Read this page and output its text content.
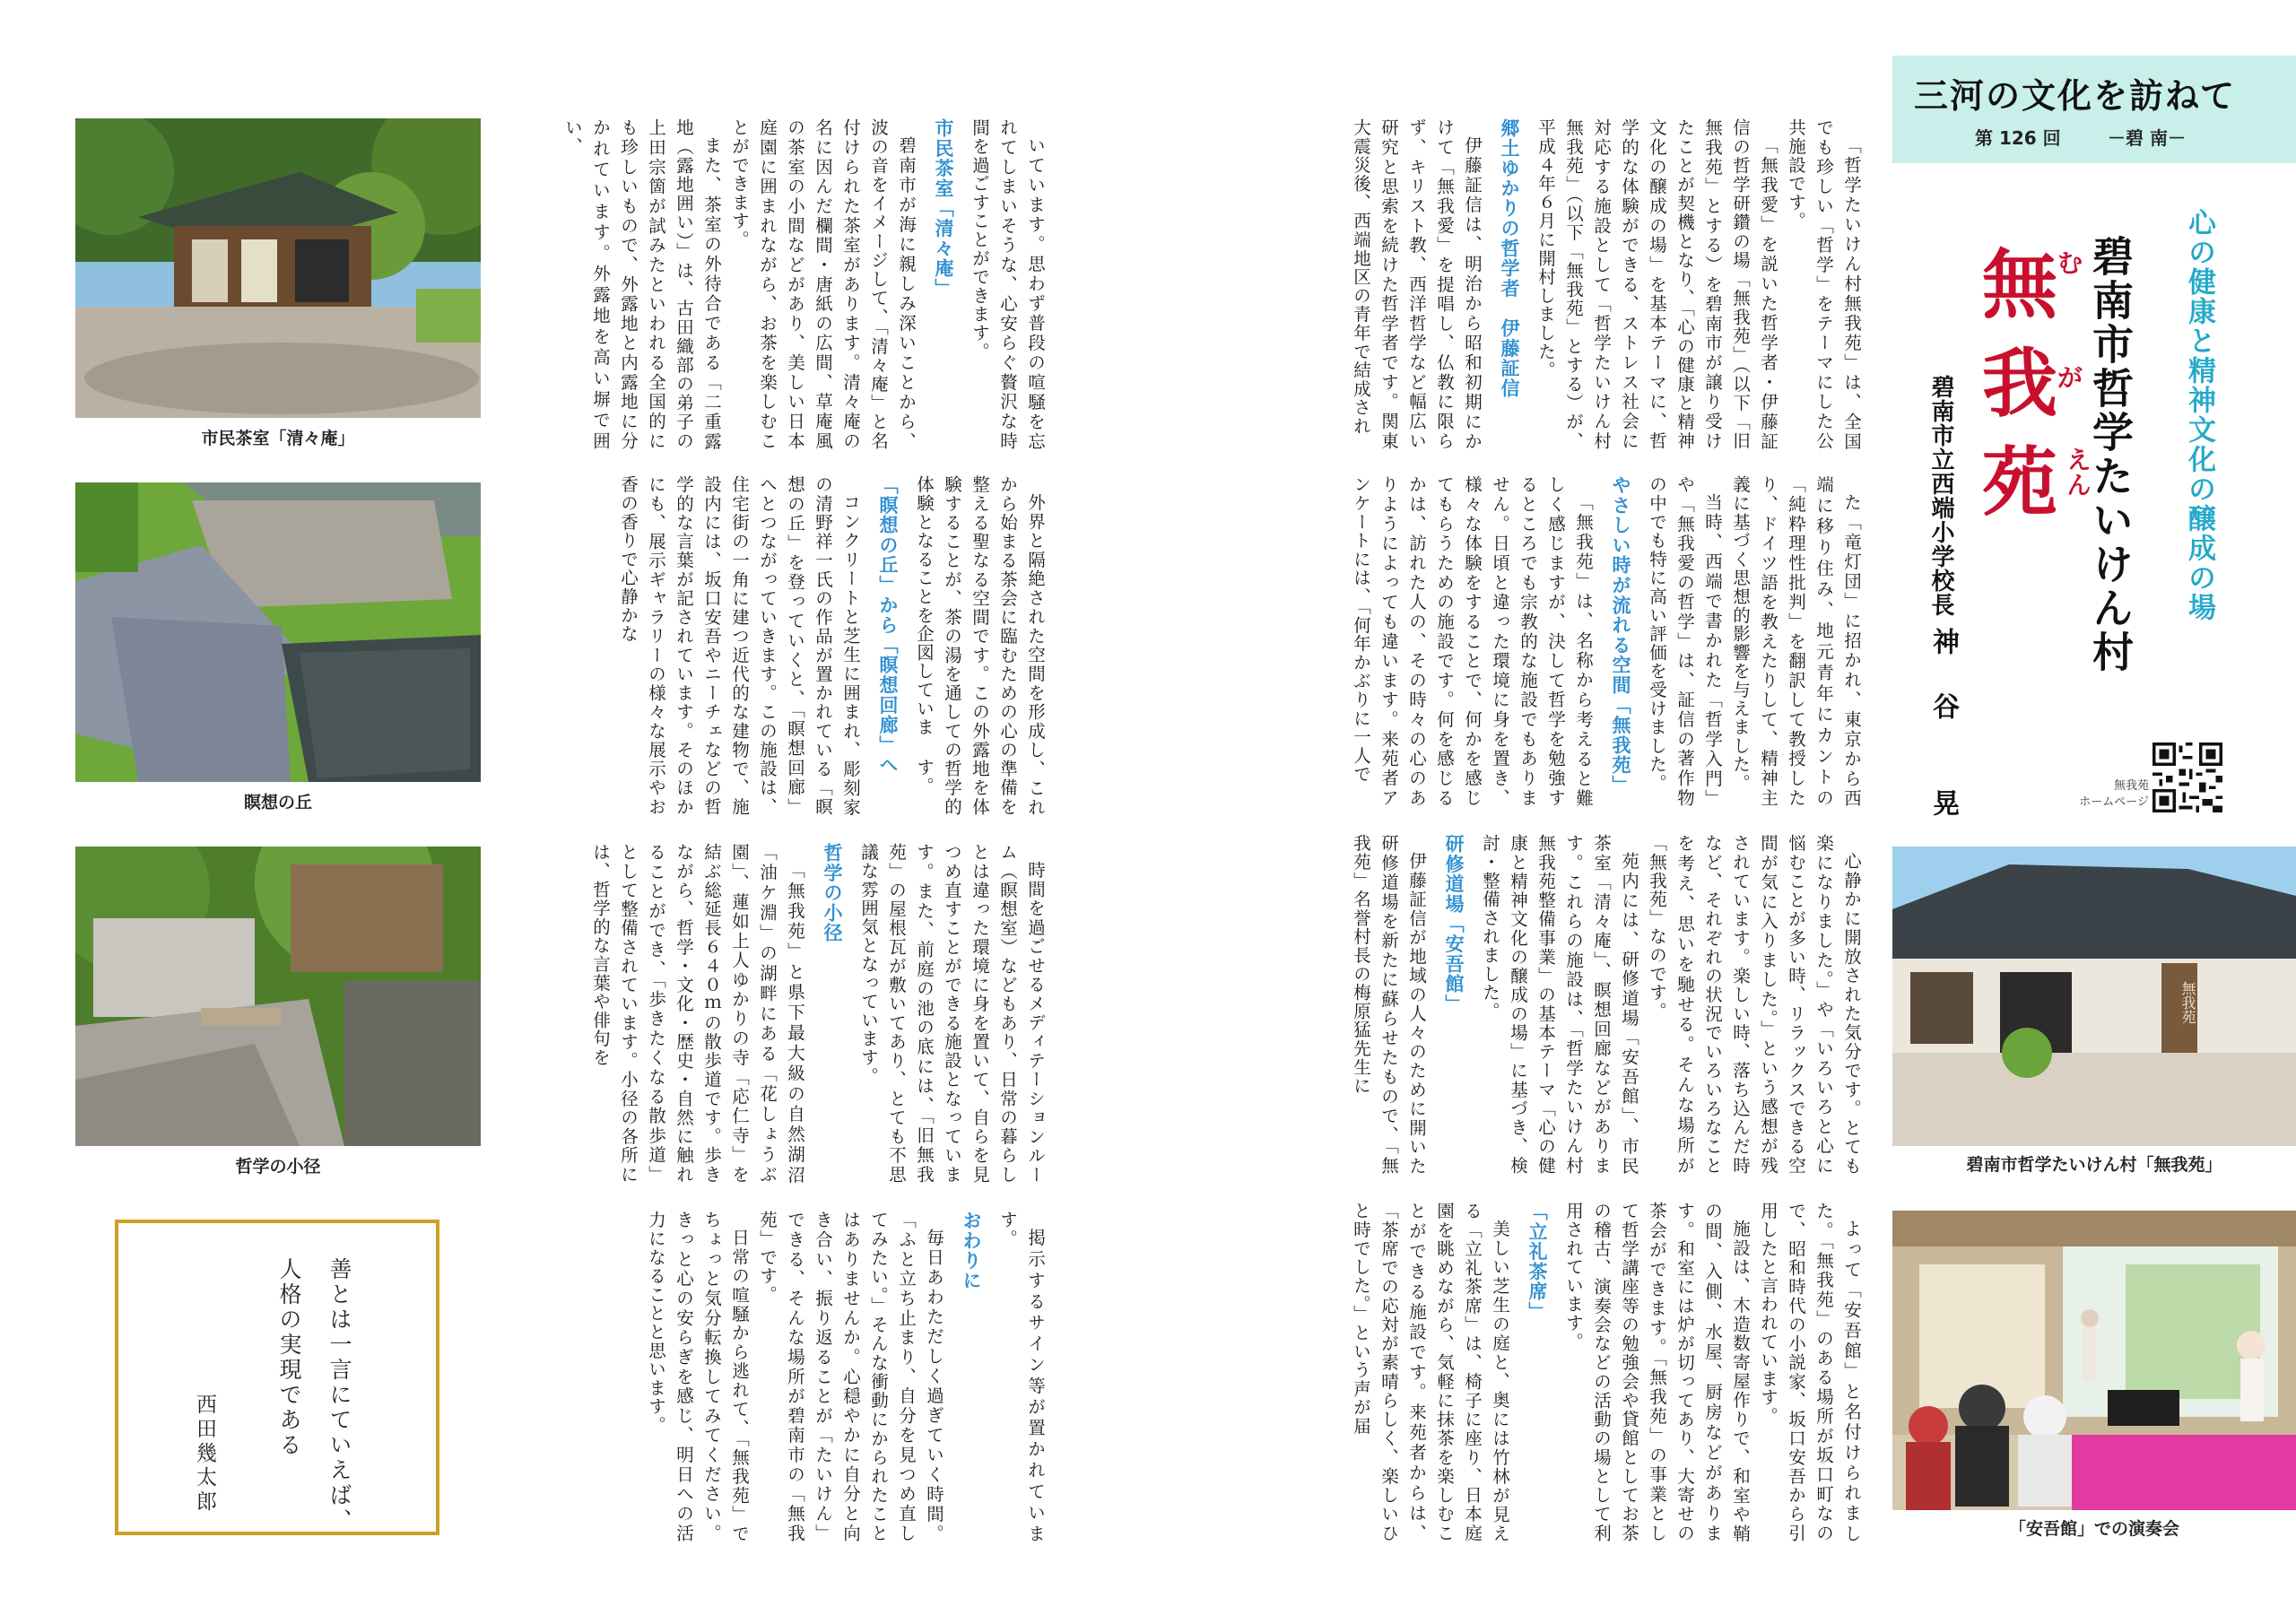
三河の文化を訪ねて
第 126 回	－碧 南－
心の健康と精神文化の醸成の場
碧南市哲学たいけん村
無
我
苑
む
が
えん
碧南市立西端小学校長
神　谷　　晃	無我苑
ホームページ
市民茶室「清々庵」
瞑想の丘
哲学の小径
無我苑
碧南市哲学たいけん村「無我苑」
「安吾館」での演奏会
善とは一言にていえば、
人格の実現である
西田幾太郎

「哲学たいけん村無我苑」は、全国でも珍しい「哲学」をテーマにした公共施設です。

「無我愛」を説いた哲学者・伊藤証信の哲学研鑽の場「無我苑」（以下「旧無我苑」とする）を碧南市が譲り受けたことが契機となり、「心の健康と精神文化の醸成の場」を基本テーマに、哲学的な体験ができる、ストレス社会に対応する施設として「哲学たいけん村無我苑」（以下「無我苑」とする）が、平成４年６月に開村しました。

郷土ゆかりの哲学者　伊藤証信

伊藤証信は、明治から昭和初期にかけて「無我愛」を提唱し、仏教に限らず、キリスト教、西洋哲学など幅広い研究と思索を続けた哲学者です。関東大震災後、西端地区の青年で結成され

た「竜灯団」に招かれ、東京から西端に移り住み、地元青年にカントの「純粋理性批判」を翻訳して教授したり、ドイツ語を教えたりして、精神主義に基づく思想的影響を与えました。

当時、西端で書かれた「哲学入門」や「無我愛の哲学」は、証信の著作物の中でも特に高い評価を受けました。

やさしい時が流れる空間「無我苑」

「無我苑」は、名称から考えると難しく感じますが、決して哲学を勉強するところでも宗教的な施設でもありません。日頃と違った環境に身を置き、様々な体験をすることで、何かを感じてもらうための施設です。何を感じるかは、訪れた人の、その時々の心のありようによっても違います。来苑者アンケートには、「何年かぶりに一人で

心静かに開放された気分です。とても楽になりました。」や「いろいろと心に悩むことが多い時、リラックスできる空間が気に入りました。」という感想が残されています。楽しい時、落ち込んだ時など、それぞれの状況でいろいろなことを考え、思いを馳せる。そんな場所が「無我苑」なのです。

苑内には、研修道場「安吾館」、市民茶室「清々庵」、瞑想回廊などがあります。これらの施設は、「哲学たいけん村無我苑整備事業」の基本テーマ「心の健康と精神文化の醸成の場」に基づき、検討・整備されました。

研修道場「安吾館」

伊藤証信が地域の人々のために開いた研修道場を新たに蘇らせたもので、「無我苑」名誉村長の梅原猛先生に

よって「安吾館」と名付けられました。「無我苑」のある場所が坂口町なので、昭和時代の小説家、坂口安吾から引用したと言われています。

施設は、木造数寄屋作りで、和室や鞘の間、入側、水屋、厨房などがあります。和室には炉が切ってあり、大寄せの茶会ができます。「無我苑」の事業として哲学講座等の勉強会や貸館としてお茶の稽古、演奏会などの活動の場として利用されています。

「立礼茶席」

美しい芝生の庭と、奥には竹林が見える「立礼茶席」は、椅子に座り、日本庭園を眺めながら、気軽に抹茶を楽しむことができる施設です。来苑者からは、「茶席での応対が素晴らしく、楽しいひと時でした。」という声が届

いています。思わず普段の喧騒を忘れてしまいそうな、心安らぐ贅沢な時間を過ごすことができます。

市民茶室「清々庵」

碧南市が海に親しみ深いことから、波の音をイメージして、「清々庵」と名付けられた茶室があります。清々庵の名に因んだ欄間・唐紙の広間、草庵風の茶室の小間などがあり、美しい日本庭園に囲まれながら、お茶を楽しむことができます。

また、茶室の外待合である「二重露地（露地囲い）」は、古田織部の弟子の上田宗箇が試みたといわれる全国的にも珍しいもので、外露地と内露地に分かれています。外露地を高い塀で囲い、

外界と隔絶された空間を形成し、これから始まる茶会に臨むための心の準備を整える聖なる空間です。この外露地を体験することが、茶の湯を通しての哲学的体験となることを企図していま す。

「瞑想の丘」から「瞑想回廊」へ

コンクリートと芝生に囲まれ、彫刻家の清野祥一氏の作品が置かれている「瞑想の丘」を登っていくと、「瞑想回廊」へとつながっていきます。この施設は、住宅街の一角に建つ近代的な建物で、施設内には、坂口安吾やニーチェなどの哲学的な言葉が記されています。そのほかにも、展示ギャラリーの様々な展示やお香の香りで心静かな

時間を過ごせるメディテーションルーム（瞑想室）などもあり、日常の暮らしとは違った環境に身を置いて、自らを見つめ直すことができる施設となっています。また、前庭の池の底には、「旧無我苑」の屋根瓦が敷いてあり、とても不思議な雰囲気となっています。

哲学の小径

「無我苑」と県下最大級の自然湖沼「油ケ淵」の湖畔にある「花しょうぶ園」、蓮如上人ゆかりの寺「応仁寺」を結ぶ総延長６４０ｍの散歩道です。歩きながら、哲学・文化・歴史・自然に触れることができ、「歩きたくなる散歩道」として整備されています。小径の各所には、哲学的な言葉や俳句を

掲示するサイン等が置かれています。

おわりに

毎日あわただしく過ぎていく時間。「ふと立ち止まり、自分を見つめ直してみたい。」そんな衝動にかられたことはありませんか。心穏やかに自分と向き合い、振り返ることが「たいけん」できる、そんな場所が碧南市の「無我苑」です。

日常の喧騒から逃れて、「無我苑」でちょっと気分転換してみてください。きっと心の安らぎを感じ、明日への活力になることと思います。
